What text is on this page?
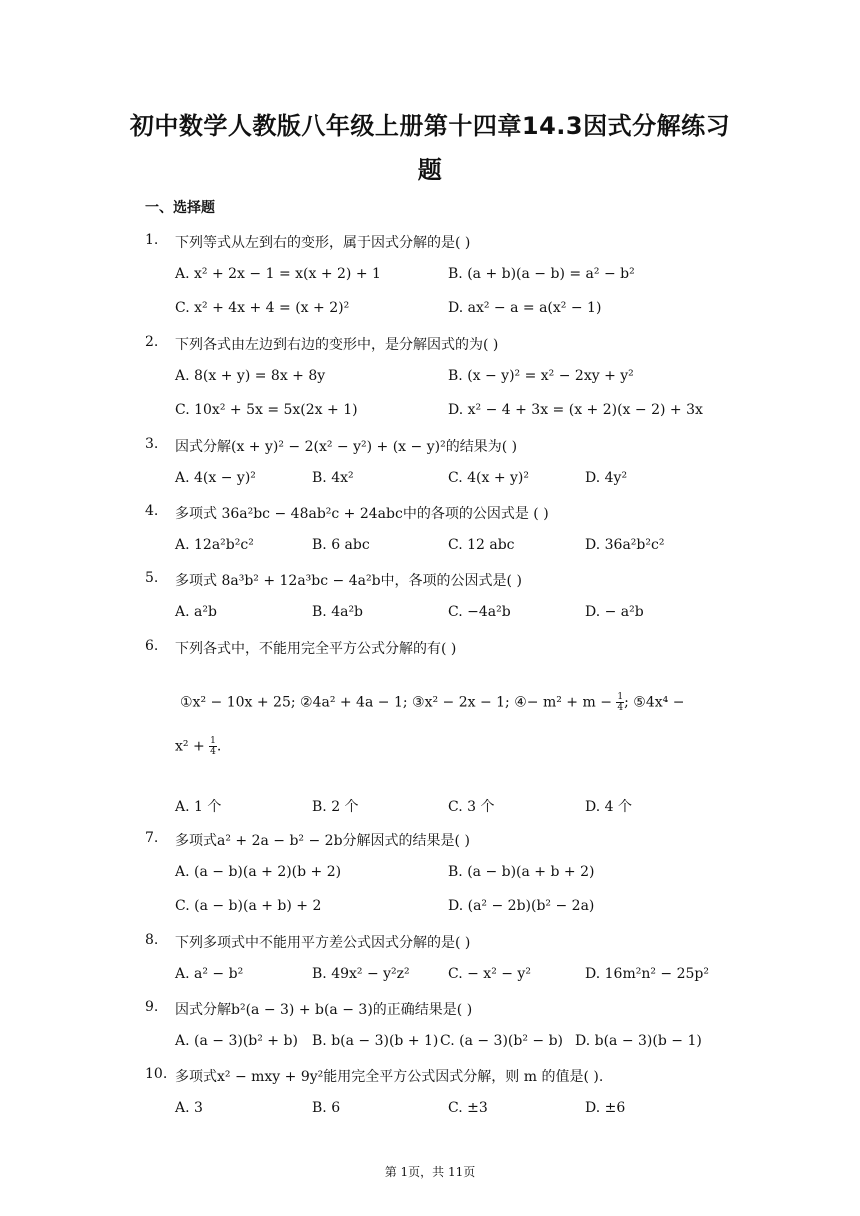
初中数学人教版八年级上册第十四章14.3因式分解练习
题
一、选择题
1. 下列等式从左到右的变形，属于因式分解的是( )
A. x² + 2x − 1 = x(x + 2) + 1	B. (a + b)(a − b) = a² − b²
C. x² + 4x + 4 = (x + 2)²	D. ax² − a = a(x² − 1)
2. 下列各式由左边到右边的变形中，是分解因式的为( )
A. 8(x + y) = 8x + 8y	B. (x − y)² = x² − 2xy + y²
C. 10x² + 5x = 5x(2x + 1)	D. x² − 4 + 3x = (x + 2)(x − 2) + 3x
3. 因式分解(x + y)² − 2(x² − y²) + (x − y)²的结果为( )
A. 4(x − y)²	B. 4x²	C. 4(x + y)²	D. 4y²
4. 多项式 36a²bc − 48ab²c + 24abc中的各项的公因式是 ( )
A. 12a²b²c²	B. 6 abc	C. 12 abc	D. 36a²b²c²
5. 多项式 8a³b² + 12a³bc − 4a²b中，各项的公因式是( )
A. a²b	B. 4a²b	C. −4a²b	D. − a²b
6. 下列各式中，不能用完全平方公式分解的有( )
①x² − 10x + 25; ②4a² + 4a − 1; ③x² − 2x − 1; ④− $m^2 + m - \frac{1}{4}$ ; ⑤4x⁴ −
$x^2 + \frac{1}{4}$ .
A. 1 个	B. 2 个	C. 3 个	D. 4 个
7. 多项式a² + 2a − b² − 2b分解因式的结果是( )
A. (a − b)(a + 2)(b + 2)	B. (a − b)(a + b + 2)
C. (a − b)(a + b) + 2	D. (a² − 2b)(b² − 2a)
8. 下列多项式中不能用平方差公式因式分解的是( )
A. a² − b²	B. 49x² − y²z²	C. − x² − y²	D. 16m²n² − 25p²
9. 因式分解b²(a − 3) + b(a − 3)的正确结果是( )
A. (a − 3)(b² + b) B. b(a − 3)(b + 1) C. (a − 3)(b² − b) D. b(a − 3)(b − 1)
10. 多项式x² − mxy + 9y²能用完全平方公式因式分解，则 m 的值是( ).
A. 3	B. 6	C. ±3	D. ±6
第 1页，共 11页
